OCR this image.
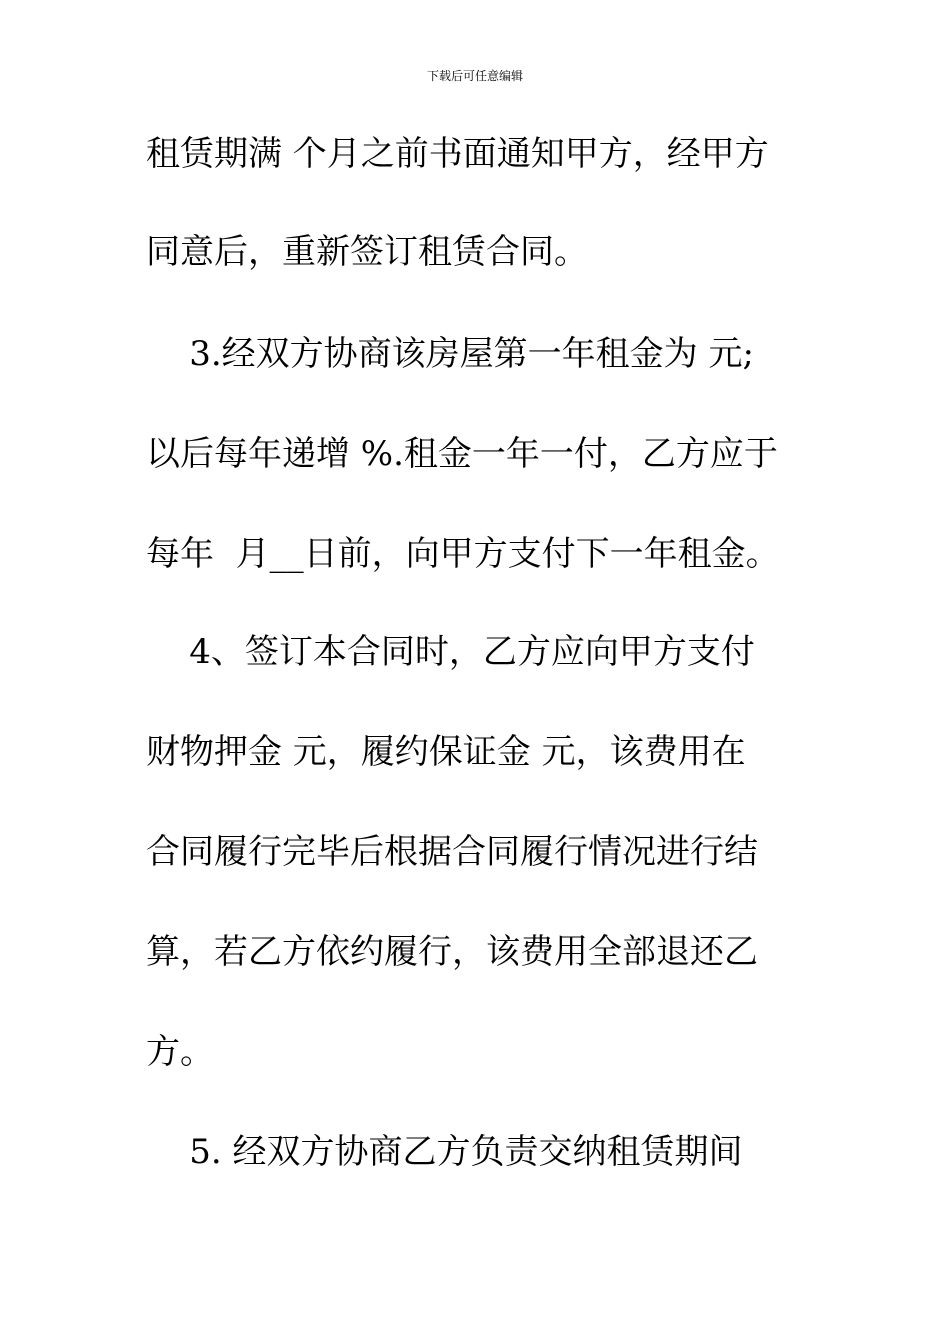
下载后可任意编辑
租赁期满 个月之前书面通知甲方，经甲方
同意后，重新签订租赁合同。
3.经双方协商该房屋第一年租金为 元;
以后每年递增 %.租金一年一付，乙方应于
每年  月__日前，向甲方支付下一年租金。
4、签订本合同时，乙方应向甲方支付
财物押金 元，履约保证金 元，该费用在
合同履行完毕后根据合同履行情况进行结
算，若乙方依约履行，该费用全部退还乙
方。
5. 经双方协商乙方负责交纳租赁期间
